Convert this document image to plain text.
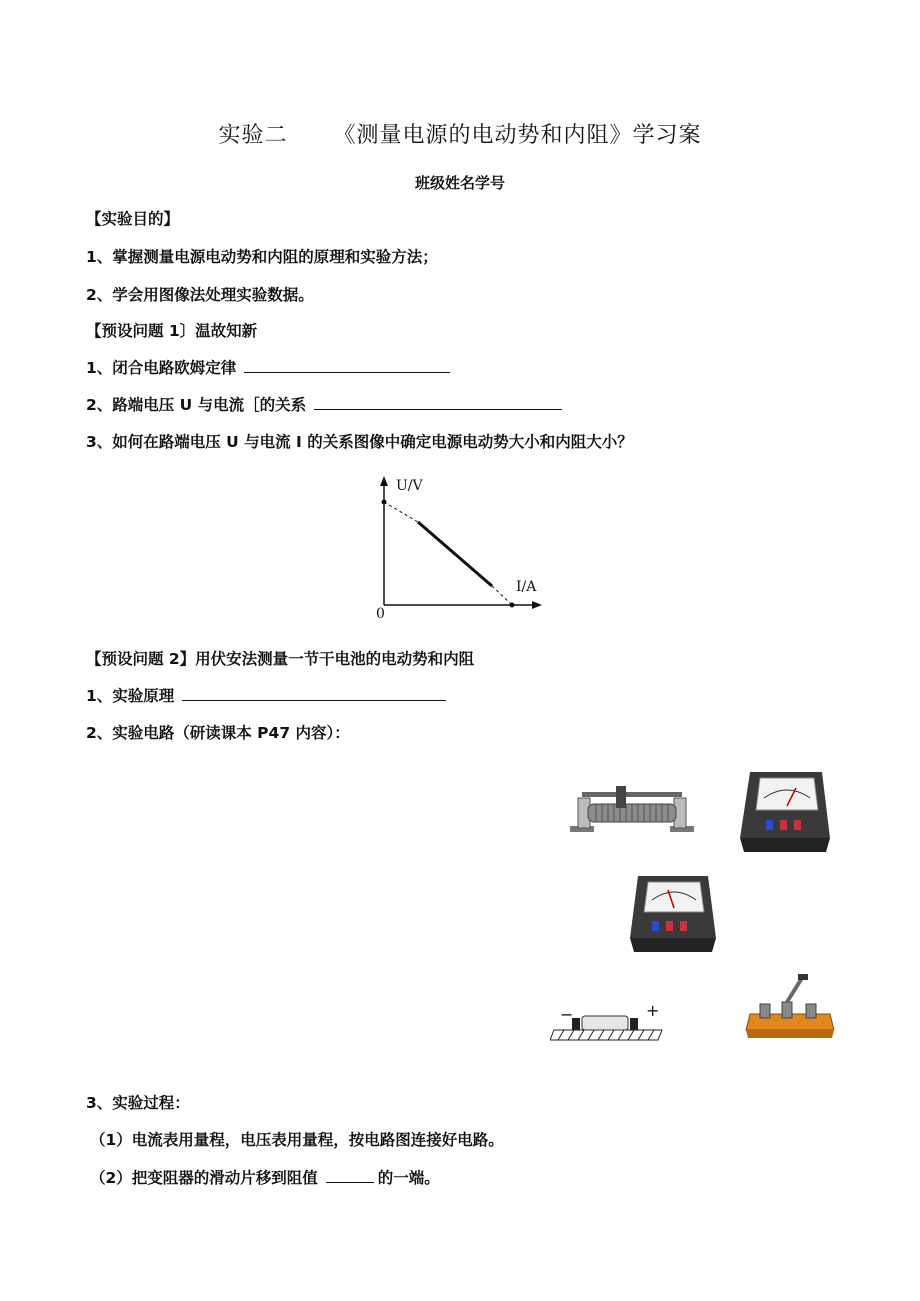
实验二 《测量电源的电动势和内阻》学习案
班级姓名学号
【实验目的】
1、掌握测量电源电动势和内阻的原理和实验方法；
2、学会用图像法处理实验数据。
【预设问题 1〕温故知新
1、闭合电路欧姆定律
2、路端电压 U 与电流［的关系
3、如何在路端电压 U 与电流 I 的关系图像中确定电源电动势大小和内阻大小？
U/V
I/A
0
【预设问题 2】用伏安法测量一节干电池的电动势和内阻
1、实验原理
2、实验电路（研读课本 P47 内容）：
−	+
3、实验过程：
（1）电流表用量程，电压表用量程，按电路图连接好电路。
（2）把变阻器的滑动片移到阻值	的一端。
